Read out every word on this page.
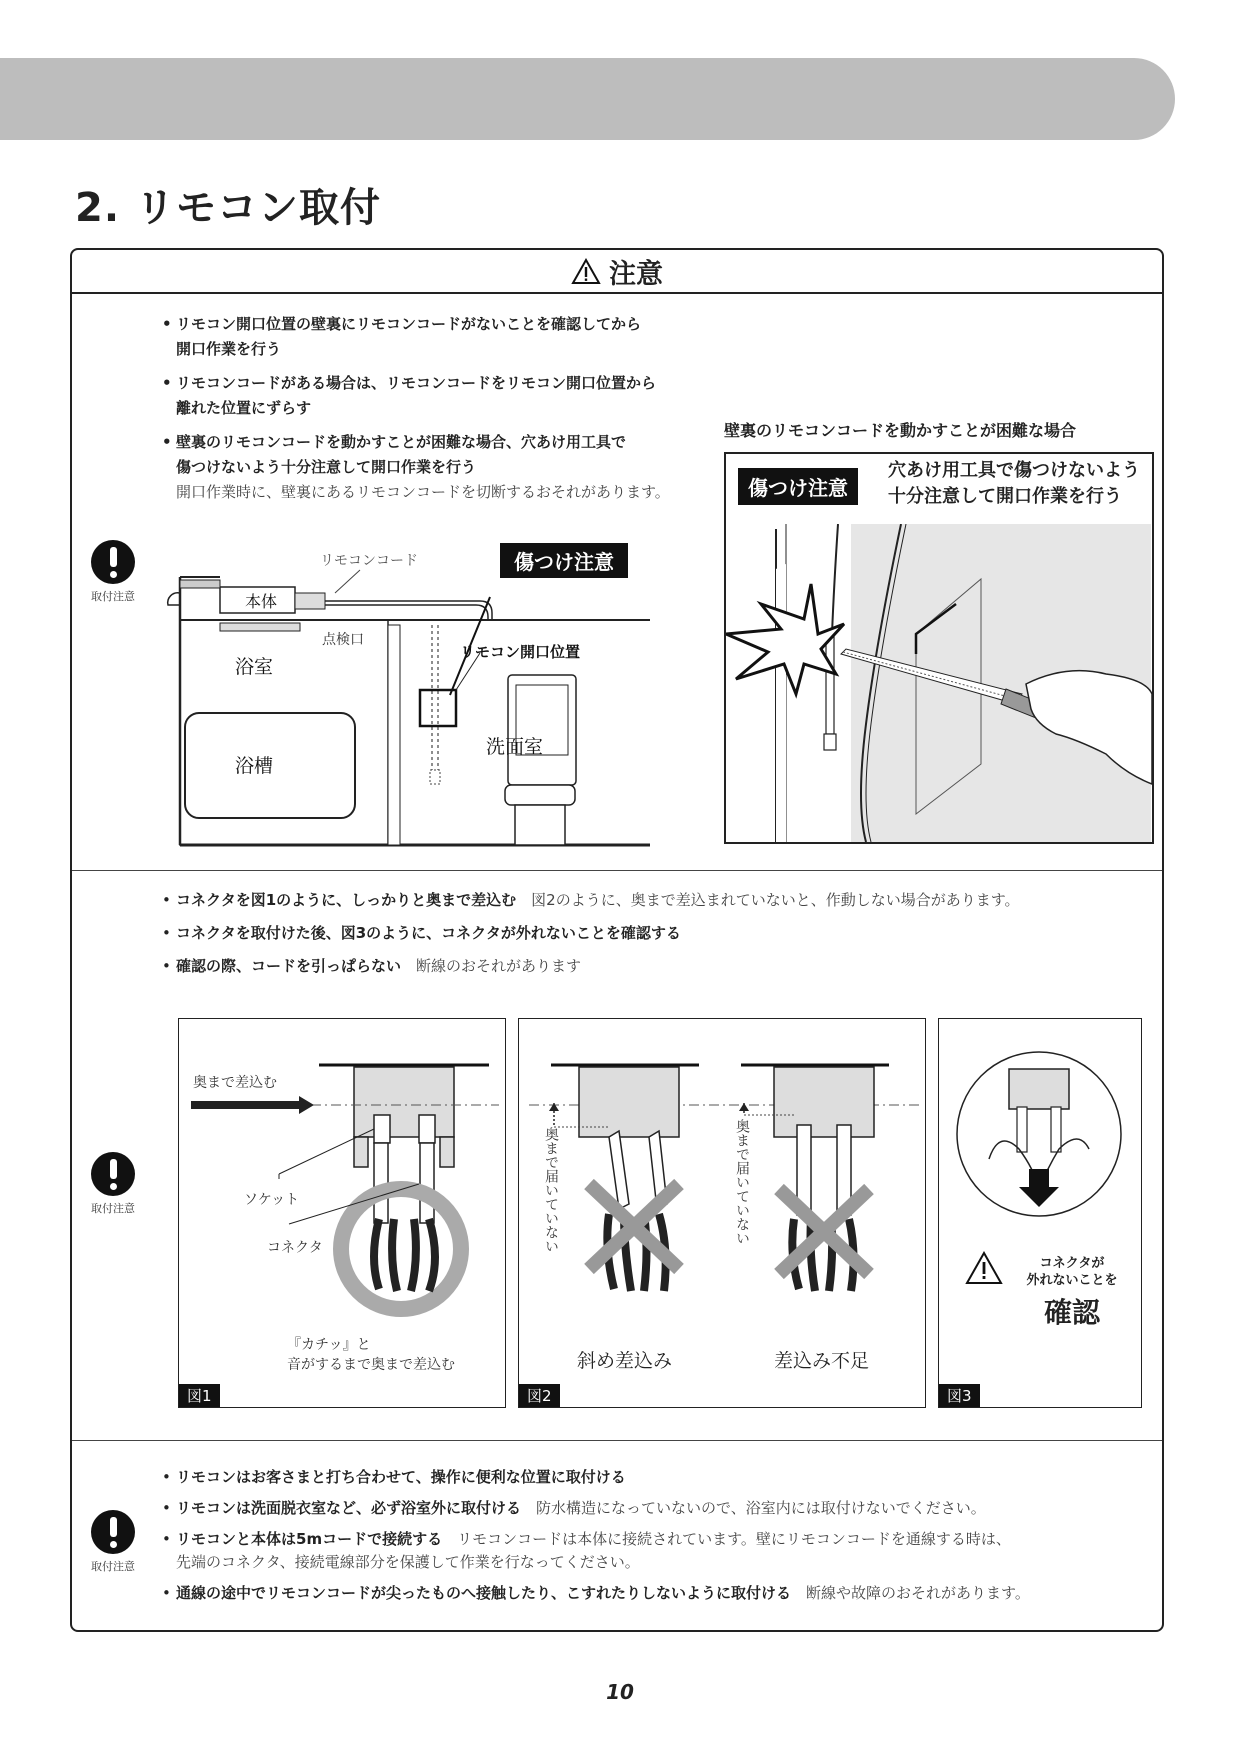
2. リモコン取付
注意
• リモコン開口位置の壁裏にリモコンコードがないことを確認してから
開口作業を行う
• リモコンコードがある場合は、リモコンコードをリモコン開口位置から
離れた位置にずらす
• 壁裏のリモコンコードを動かすことが困難な場合、穴あけ用工具で
傷つけないよう十分注意して開口作業を行う
開口作業時に、壁裏にあるリモコンコードを切断するおそれがあります。
取付注意	本体
点検口
リモコンコード
浴室
浴槽
リモコン開口位置
洗面室
傷つけ注意
壁裏のリモコンコードを動かすことが困難な場合
傷つけ注意
穴あけ用工具で傷つけないよう
十分注意して開口作業を行う
• コネクタを図1のように、しっかりと奥まで差込む　 図2のように、奥まで差込まれていないと、作動しない場合があります。
• コネクタを取付けた後、図3のように、コネクタが外れないことを確認する
• 確認の際、コードを引っぱらない　 断線のおそれがあります
取付注意
奥まで差込む
ソケット
コネクタ
『カチッ』と
音がするまで奥まで差込む
図1
奥まで届いていない	奥まで届いていない
斜め差込み	差込み不足
図2
コネクタが
外れないことを
確認
図3
• リモコンはお客さまと打ち合わせて、操作に便利な位置に取付ける
• リモコンは洗面脱衣室など、必ず浴室外に取付ける　 防水構造になっていないので、浴室内には取付けないでください。
• リモコンと本体は5mコードで接続する　 リモコンコードは本体に接続されています。壁にリモコンコードを通線する時は、
先端のコネクタ、接続電線部分を保護して作業を行なってください。
• 通線の途中でリモコンコードが尖ったものへ接触したり、こすれたりしないように取付ける　 断線や故障のおそれがあります。
取付注意
10
